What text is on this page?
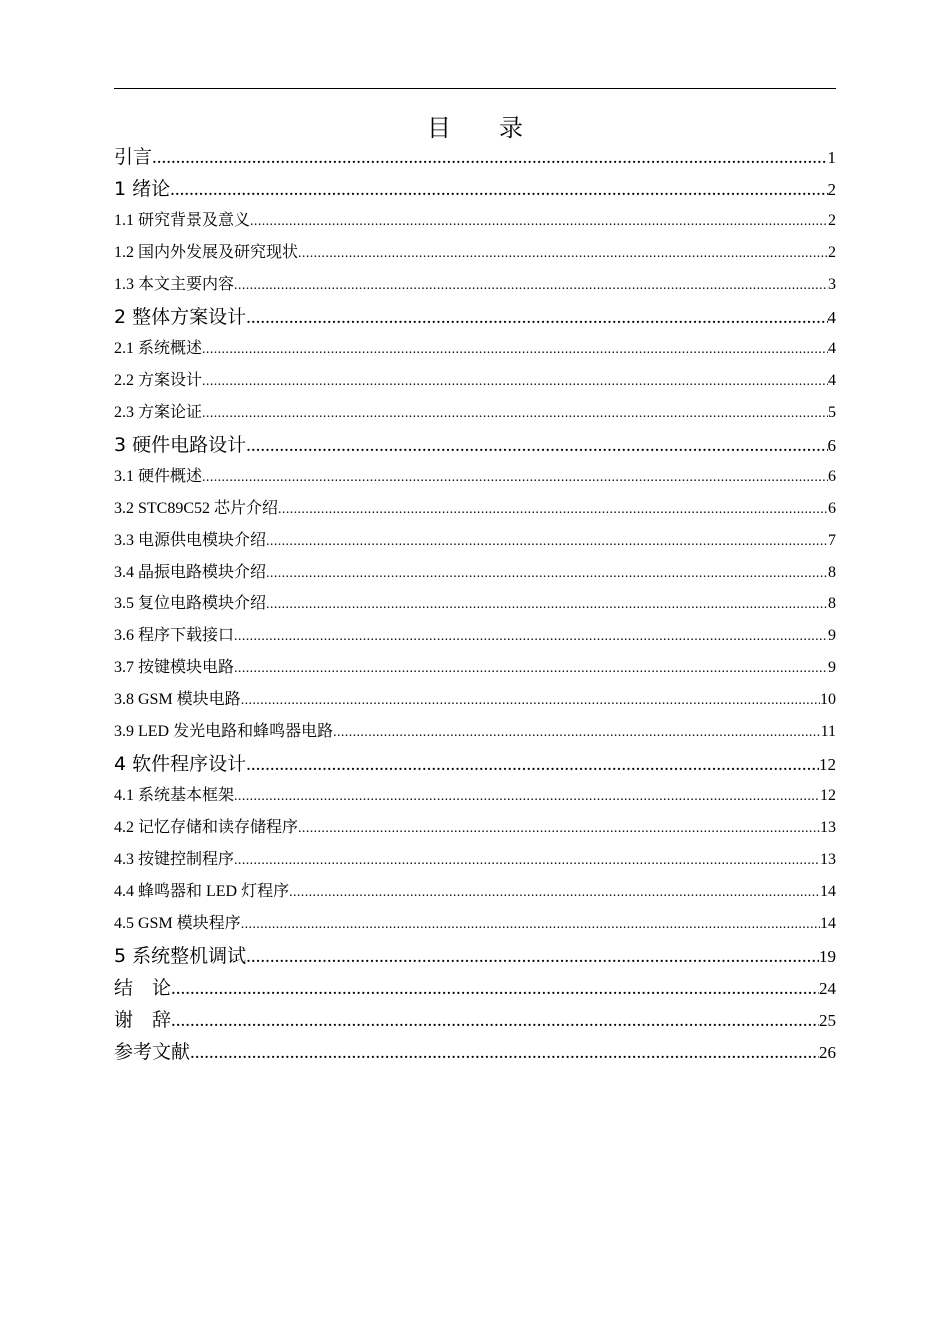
目　　录
引言 .....	1
1 绪论 .....	2
1.1 研究背景及意义 .....	2
1.2 国内外发展及研究现状 .....	2
1.3 本文主要内容 .....	3
2 整体方案设计 .....	4
2.1 系统概述 .....	4
2.2 方案设计 .....	4
2.3 方案论证 .....	5
3 硬件电路设计 .....	6
3.1 硬件概述 .....	6
3.2 STC89C52 芯片介绍 .....	6
3.3 电源供电模块介绍 .....	7
3.4 晶振电路模块介绍 .....	8
3.5 复位电路模块介绍 .....	8
3.6 程序下载接口 .....	9
3.7 按键模块电路 .....	9
3.8 GSM 模块电路 .....	10
3.9 LED 发光电路和蜂鸣器电路 .....	11
4 软件程序设计 .....	12
4.1 系统基本框架 .....	12
4.2 记忆存储和读存储程序 .....	13
4.3 按键控制程序 .....	13
4.4 蜂鸣器和 LED 灯程序 .....	14
4.5 GSM 模块程序 .....	14
5 系统整机调试 .....	19
结　论 .....	24
谢　辞 .....	25
参考文献 .....	26
